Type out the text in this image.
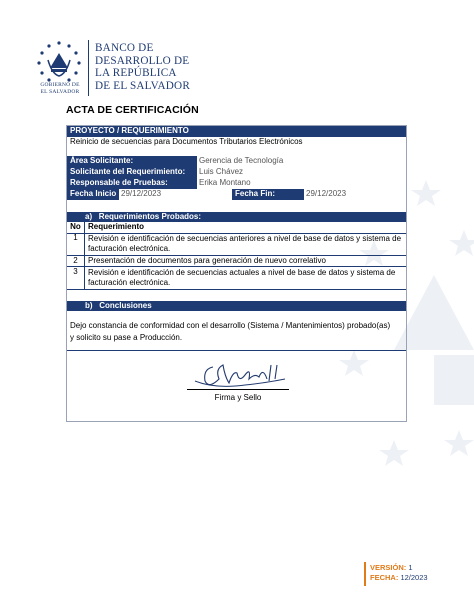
GOBIERNO DE
EL SALVADOR
BANCO DE
DESARROLLO DE
LA REPÚBLICA
DE EL SALVADOR
ACTA DE CERTIFICACIÓN
PROYECTO / REQUERIMIENTO
Reinicio de secuencias para Documentos Tributarios Electrónicos
Área Solicitante:	Gerencia de Tecnología
Solicitante del Requerimiento:	Luis Chávez
Responsable de Pruebas:	Erika Montano
Fecha Inicio 29/12/2023	Fecha Fin:	29/12/2023
a) Requerimientos Probados:
No Requerimiento
1	Revisión e identificación de secuencias anteriores a nivel de base de datos y sistema de facturación electrónica.
2	Presentación de documentos para generación de nuevo correlativo
3	Revisión e identificación de secuencias actuales a nivel de base de datos y sistema de facturación electrónica.
b) Conclusiones
Dejo constancia de conformidad con el desarrollo (Sistema / Mantenimientos) probado(as) y solicito su pase a Producción.
Firma y Sello
VERSIÓN: 1
FECHA: 12/2023
